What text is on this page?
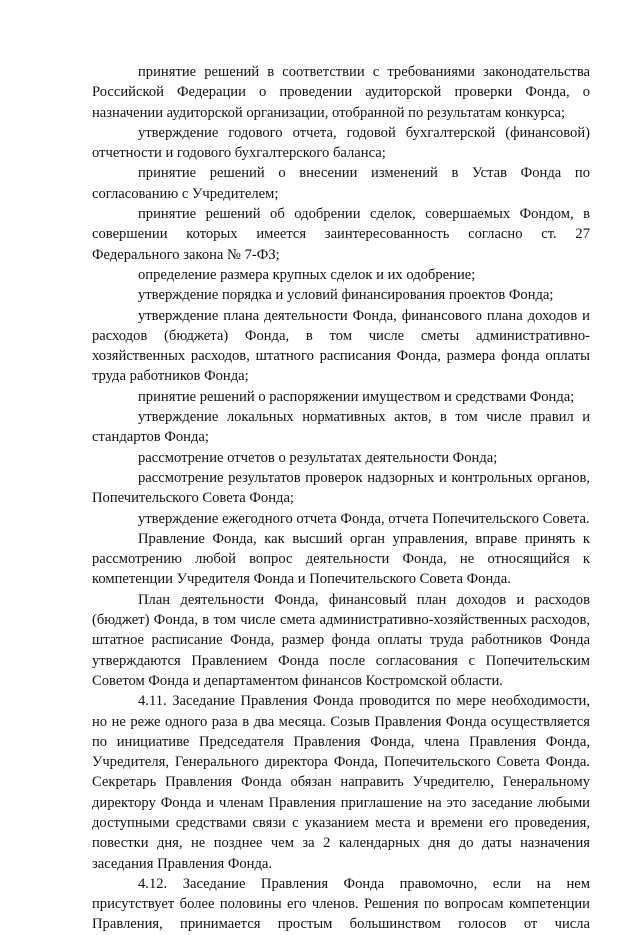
принятие решений в соответствии с требованиями законодательства Российской Федерации о проведении аудиторской проверки Фонда, о назначении аудиторской организации, отобранной по результатам конкурса;

утверждение годового отчета, годовой бухгалтерской (финансовой) отчетности и годового бухгалтерского баланса;

принятие решений о внесении изменений в Устав Фонда по согласованию с Учредителем;

принятие решений об одобрении сделок, совершаемых Фондом, в совершении которых имеется заинтересованность согласно ст. 27 Федерального закона № 7-ФЗ;

определение размера крупных сделок и их одобрение;

утверждение порядка и условий финансирования проектов Фонда;

утверждение плана деятельности Фонда, финансового плана доходов и расходов (бюджета) Фонда, в том числе сметы административно-хозяйственных расходов, штатного расписания Фонда, размера фонда оплаты труда работников Фонда;

принятие решений о распоряжении имуществом и средствами Фонда;

утверждение локальных нормативных актов, в том числе правил и стандартов Фонда;

рассмотрение отчетов о результатах деятельности Фонда;

рассмотрение результатов проверок надзорных и контрольных органов, Попечительского Совета Фонда;

утверждение ежегодного отчета Фонда, отчета Попечительского Совета.

Правление Фонда, как высший орган управления, вправе принять к рассмотрению любой вопрос деятельности Фонда, не относящийся к компетенции Учредителя Фонда и Попечительского Совета Фонда.

План деятельности Фонда, финансовый план доходов и расходов (бюджет) Фонда, в том числе смета административно-хозяйственных расходов, штатное расписание Фонда, размер фонда оплаты труда работников Фонда утверждаются Правлением Фонда после согласования с Попечительским Советом Фонда и департаментом финансов Костромской области.

4.11. Заседание Правления Фонда проводится по мере необходимости, но не реже одного раза в два месяца. Созыв Правления Фонда осуществляется по инициативе Председателя Правления Фонда, члена Правления Фонда, Учредителя, Генерального директора Фонда, Попечительского Совета Фонда. Секретарь Правления Фонда обязан направить Учредителю, Генеральному директору Фонда и членам Правления приглашение на это заседание любыми доступными средствами связи с указанием места и времени его проведения, повестки дня, не позднее чем за 2 календарных дня до даты назначения заседания Правления Фонда.

4.12. Заседание Правления Фонда правомочно, если на нем присутствует более половины его членов. Решения по вопросам компетенции Правления, принимается простым большинством голосов от числа
